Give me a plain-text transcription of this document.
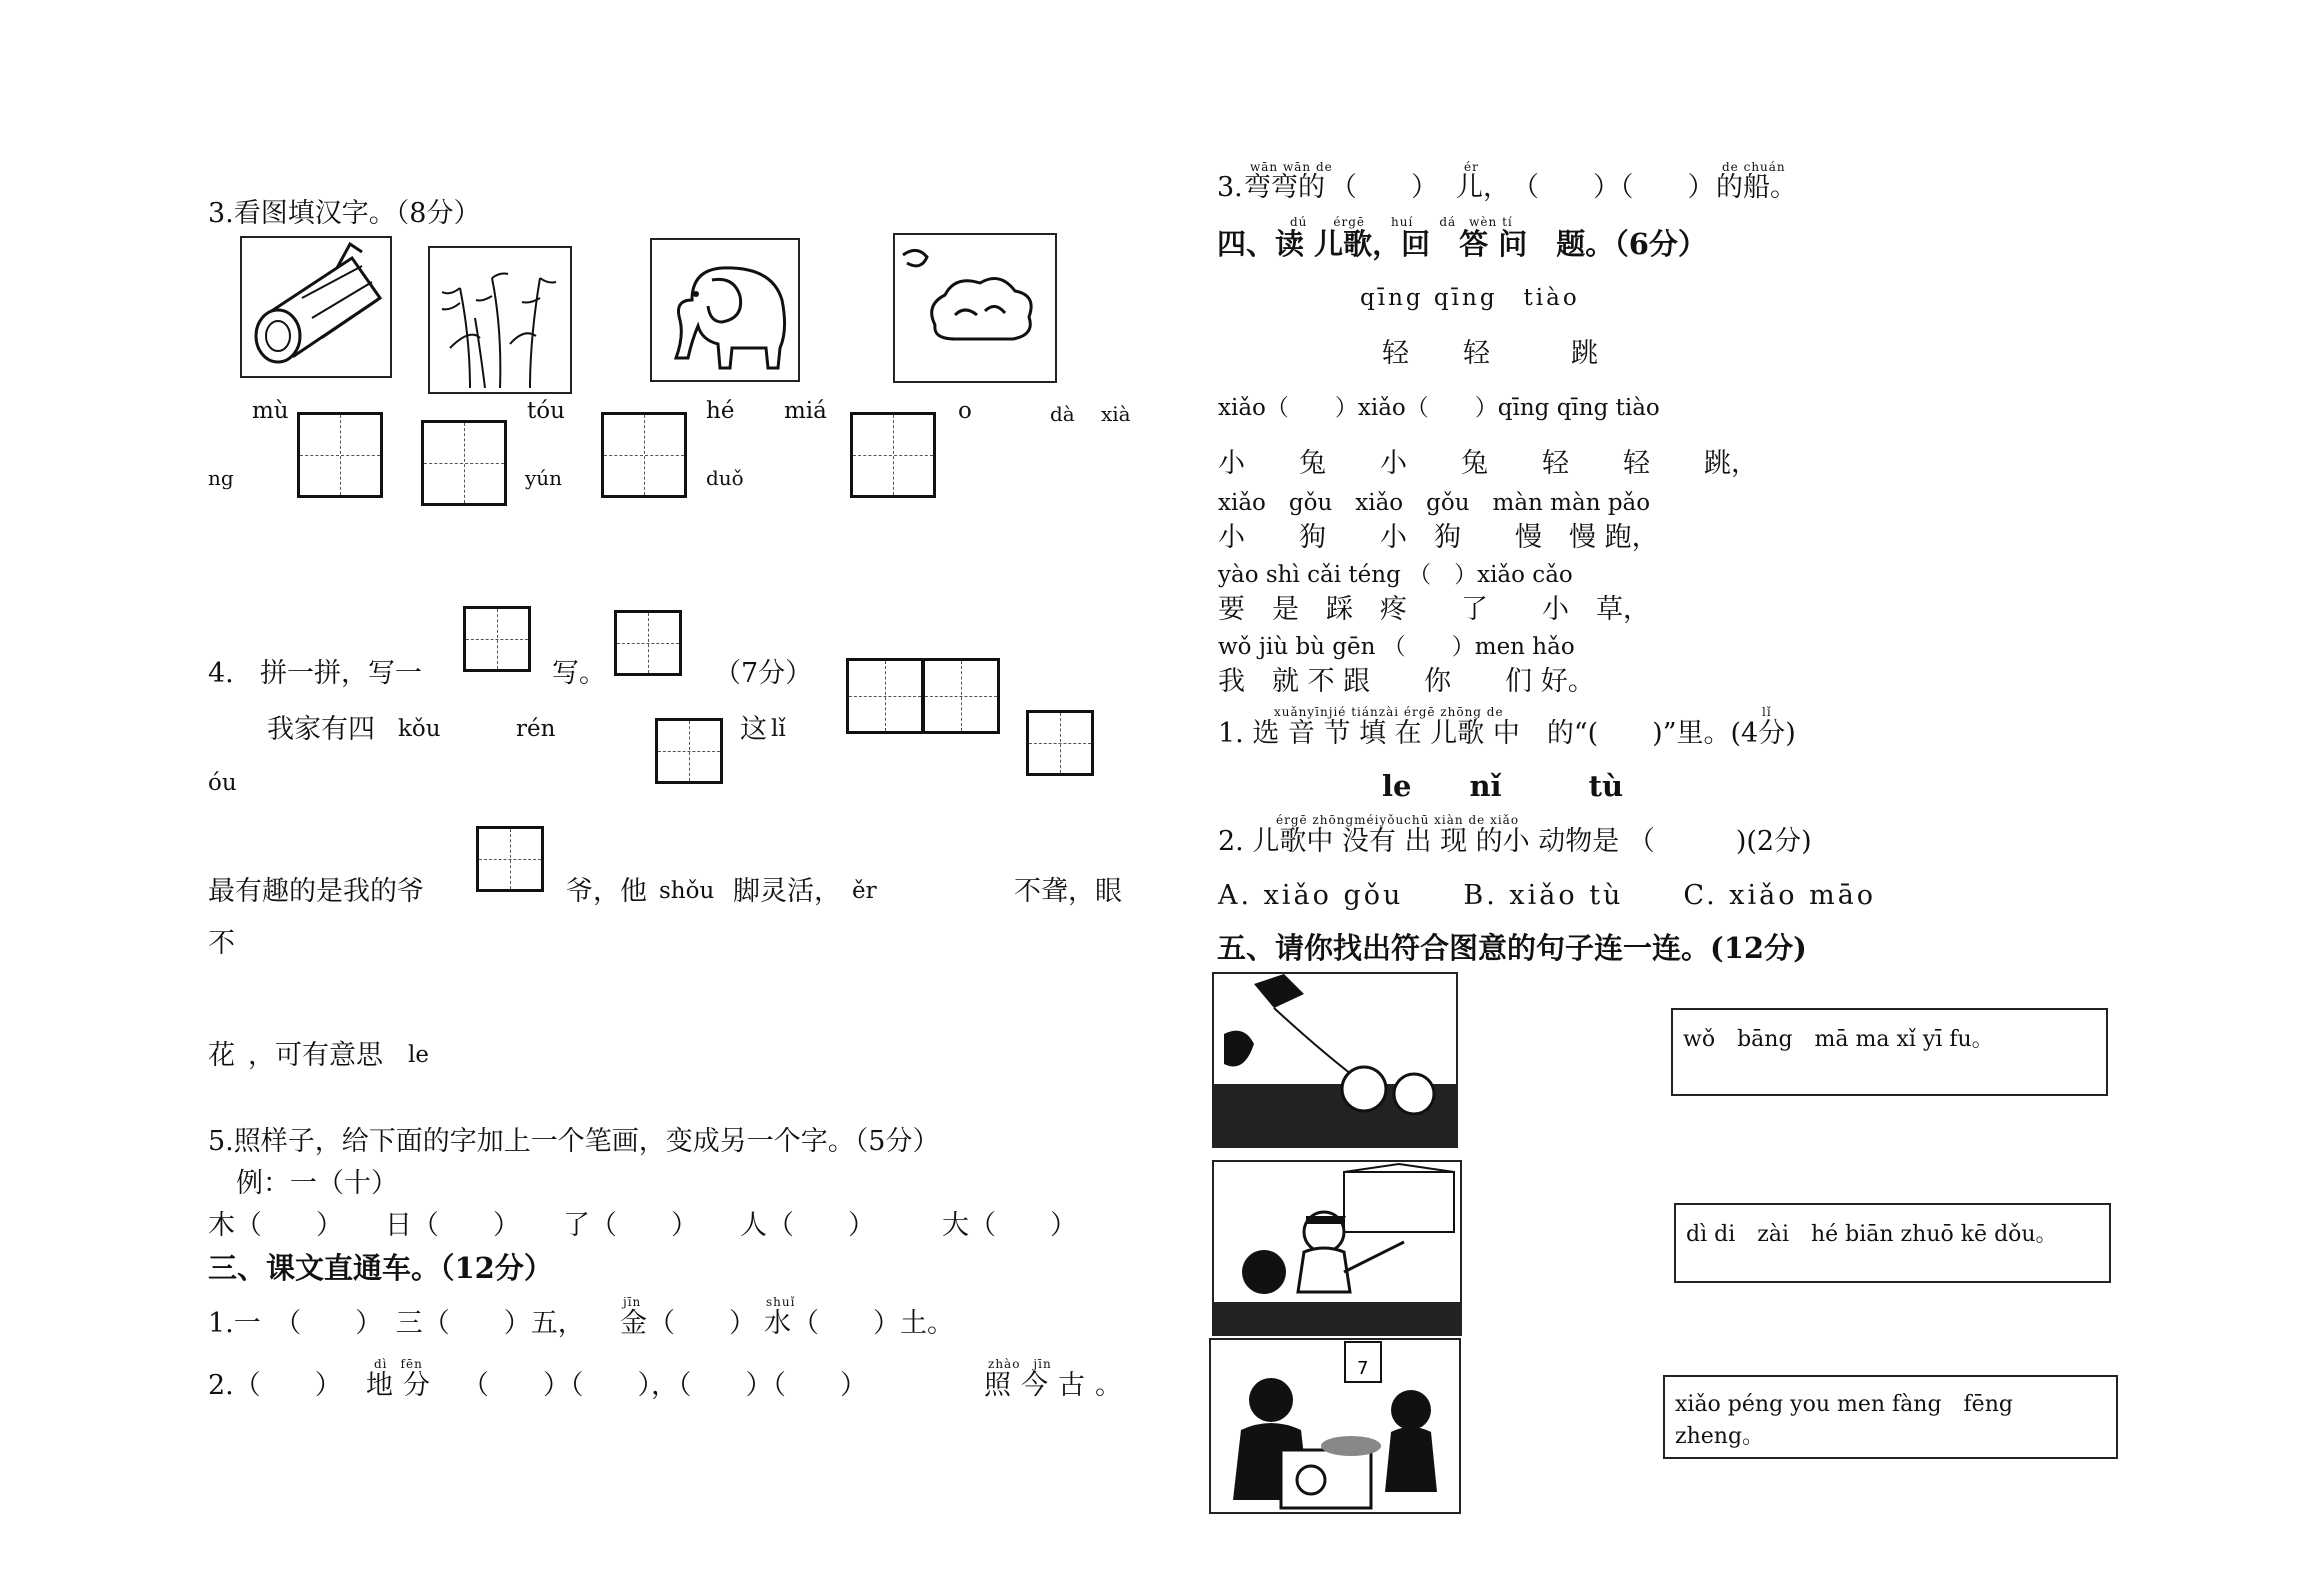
3.看图填汉字。（8分）
mù	tóu	hé miá	o	dà xià
ng	yún	duǒ
4. 拼一拼，写一	写。	（7分）
我家有四 kǒu	rén	这 lǐ
óu
最有趣的是我的爷	爷，他 shǒu 脚灵活， ěr	不聋，眼
不
花 ，可有意思 le
5.照样子，给下面的字加上一个笔画，变成另一个字。（5分）
例：一（十）
木（　　） 日（　　） 了（　　） 人（　　） 大（　　）
三、课文直通车。（12分）
1.一　（　　）　三（　　）五，
jīn
金 （　　）
shuǐ
水 （　　）土。
2.（　　）
dì　fēn
地分 （　　）（　　），（　　）（　　）
zhào　jīn
照今古。
3.
wān wān de
弯弯的 （　　）
ér
儿， （　　）（　　）
de chuán
的船。
dú　　érgē　　huí　　dá　wèn tí
四、读 儿歌，回　答 问　题。（6分）
qīng qīng　tiào
轻　　轻　　　跳
xiǎo（　　）xiǎo（　　）qīng qīng tiào
小　　兔　　小　　兔　　轻　　轻　　跳，
xiǎo　gǒu　xiǎo　gǒu　màn màn pǎo
小　　狗　　小　狗　　慢　慢 跑，
yào shì cǎi téng （　）xiǎo cǎo
要　是　踩　疼　　了　　小　草，
wǒ jiù bù gēn （　　）men hǎo
我　就 不 跟　　你　　们 好。
xuǎnyīnjié tiánzài érgē zhōng de	lǐ
1. 选 音 节 填 在 儿歌 中　的“(　　)”里。(4分)
le　　nǐ　　　tù
érgē zhōngméiyǒuchū xiàn de xiǎo
2. 儿歌中 没有 出 现 的小 动物是 （　　　)(2分)
A. xiǎo gǒu　　B. xiǎo tù　　C. xiǎo māo
五、请你找出符合图意的句子连一连。(12分)
7
wǒ　bāng　mā ma xǐ yī fu。
dì di　zài　hé biān zhuō kē dǒu。
xiǎo péng you men fàng　fēng zheng。
